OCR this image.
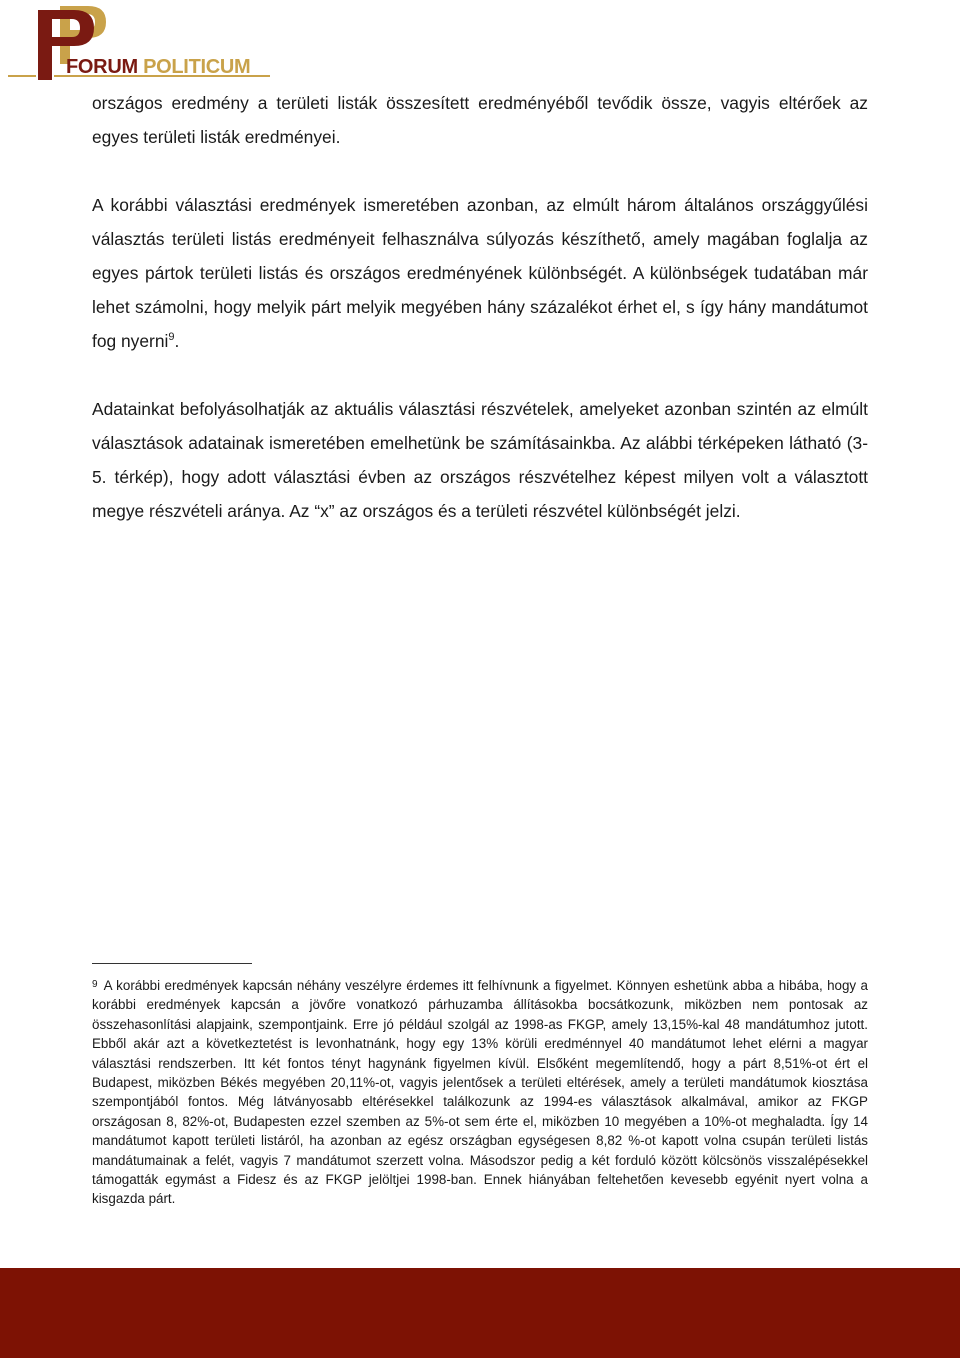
FORUM POLITICUM

országos eredmény a területi listák összesített eredményéből tevődik össze, vagyis eltérőek az egyes területi listák eredményei.

A korábbi választási eredmények ismeretében azonban, az elmúlt három általános országgyűlési választás területi listás eredményeit felhasználva súlyozás készíthető, amely magában foglalja az egyes pártok területi listás és országos eredményének különbségét. A különbségek tudatában már lehet számolni, hogy melyik párt melyik megyében hány százalékot érhet el, s így hány mandátumot fog nyerni$^9$.

Adatainkat befolyásolhatják az aktuális választási részvételek, amelyeket azonban szintén az elmúlt választások adatainak ismeretében emelhetünk be számításainkba. Az alábbi térképeken látható (3-5. térkép), hogy adott választási évben az országos részvételhez képest milyen volt a választott megye részvételi aránya. Az “x” az országos és a területi részvétel különbségét jelzi.

$^9$ A korábbi eredmények kapcsán néhány veszélyre érdemes itt felhívnunk a figyelmet. Könnyen eshetünk abba a hibába, hogy a korábbi eredmények kapcsán a jövőre vonatkozó párhuzamba állításokba bocsátkozunk, miközben nem pontosak az összehasonlítási alapjaink, szempontjaink. Erre jó például szolgál az 1998-as FKGP, amely 13,15%-kal 48 mandátumhoz jutott. Ebből akár azt a következtetést is levonhatnánk, hogy egy 13% körüli eredménnyel 40 mandátumot lehet elérni a magyar választási rendszerben. Itt két fontos tényt hagynánk figyelmen kívül. Elsőként megemlítendő, hogy a párt 8,51%-ot ért el Budapest, miközben Békés megyében 20,11%-ot, vagyis jelentősek a területi eltérések, amely a területi mandátumok kiosztása szempontjából fontos. Még látványosabb eltérésekkel találkozunk az 1994-es választások alkalmával, amikor az FKGP országosan 8, 82%-ot, Budapesten ezzel szemben az 5%-ot sem érte el, miközben 10 megyében a 10%-ot meghaladta. Így 14 mandátumot kapott területi listáról, ha azonban az egész országban egységesen 8,82 %-ot kapott volna csupán területi listás mandátumainak a felét, vagyis 7 mandátumot szerzett volna. Másodszor pedig a két forduló között kölcsönös visszalépésekkel támogatták egymást a Fidesz és az FKGP jelöltjei 1998-ban. Ennek hiányában feltehetően kevesebb egyénit nyert volna a kisgazda párt.
